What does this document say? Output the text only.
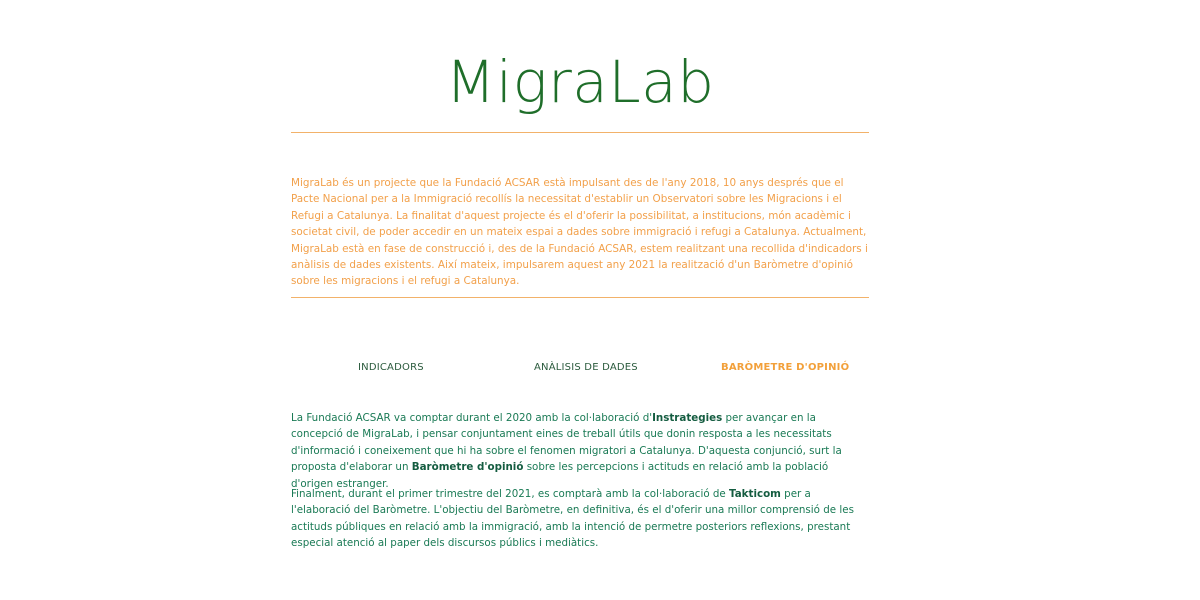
MigraLab

MigraLab és un projecte que la Fundació ACSAR està impulsant des de l'any 2018, 10 anys després que el Pacte Nacional per a la Immigració recollís la necessitat d'establir un Observatori sobre les Migracions i el Refugi a Catalunya. La finalitat d'aquest projecte és el d'oferir la possibilitat, a institucions, món acadèmic i societat civil, de poder accedir en un mateix espai a dades sobre immigració i refugi a Catalunya. Actualment, MigraLab està en fase de construcció i, des de la Fundació ACSAR, estem realitzant una recollida d'indicadors i anàlisis de dades existents. Així mateix, impulsarem aquest any 2021 la realització d'un Baròmetre d'opinió sobre les migracions i el refugi a Catalunya.

INDICADORS	ANÀLISIS DE DADES	BARÒMETRE D'OPINIÓ

La Fundació ACSAR va comptar durant el 2020 amb la col·laboració d'Instrategies per avançar en la concepció de MigraLab, i pensar conjuntament eines de treball útils que donin resposta a les necessitats d'informació i coneixement que hi ha sobre el fenomen migratori a Catalunya. D'aquesta conjunció, surt la proposta d'elaborar un Baròmetre d'opinió sobre les percepcions i actituds en relació amb la població d'origen estranger.

Finalment, durant el primer trimestre del 2021, es comptarà amb la col·laboració de Takticom per a l'elaboració del Baròmetre. L'objectiu del Baròmetre, en definitiva, és el d'oferir una millor comprensió de les actituds públiques en relació amb la immigració, amb la intenció de permetre posteriors reflexions, prestant especial atenció al paper dels discursos públics i mediàtics.
